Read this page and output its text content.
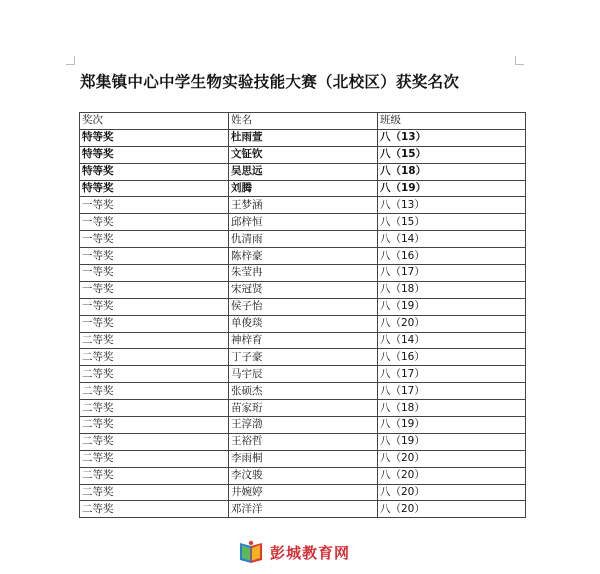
郑集镇中心中学生物实验技能大赛（北校区）获奖名次
奖次	姓名	班级
特等奖	杜雨萱	八（13）
特等奖	文钲钦	八（15）
特等奖	吴思远	八（18）
特等奖	刘腾	八（19）
一等奖	王梦涵	八（13）
一等奖	邱梓恒	八（15）
一等奖	仇清雨	八（14）
一等奖	陈梓豪	八（16）
一等奖	朱莹冉	八（17）
一等奖	宋冠贤	八（18）
一等奖	侯子怡	八（19）
一等奖	单俊琰	八（20）
二等奖	神梓育	八（14）
二等奖	丁子豪	八（16）
二等奖	马宇辰	八（17）
二等奖	张硕杰	八（17）
二等奖	苗家珩	八（18）
二等奖	王淳渤	八（19）
二等奖	王裕哲	八（19）
二等奖	李雨桐	八（20）
二等奖	李汶骏	八（20）
二等奖	井婉婷	八（20）
二等奖	邓洋洋	八（20）
彭城教育网
